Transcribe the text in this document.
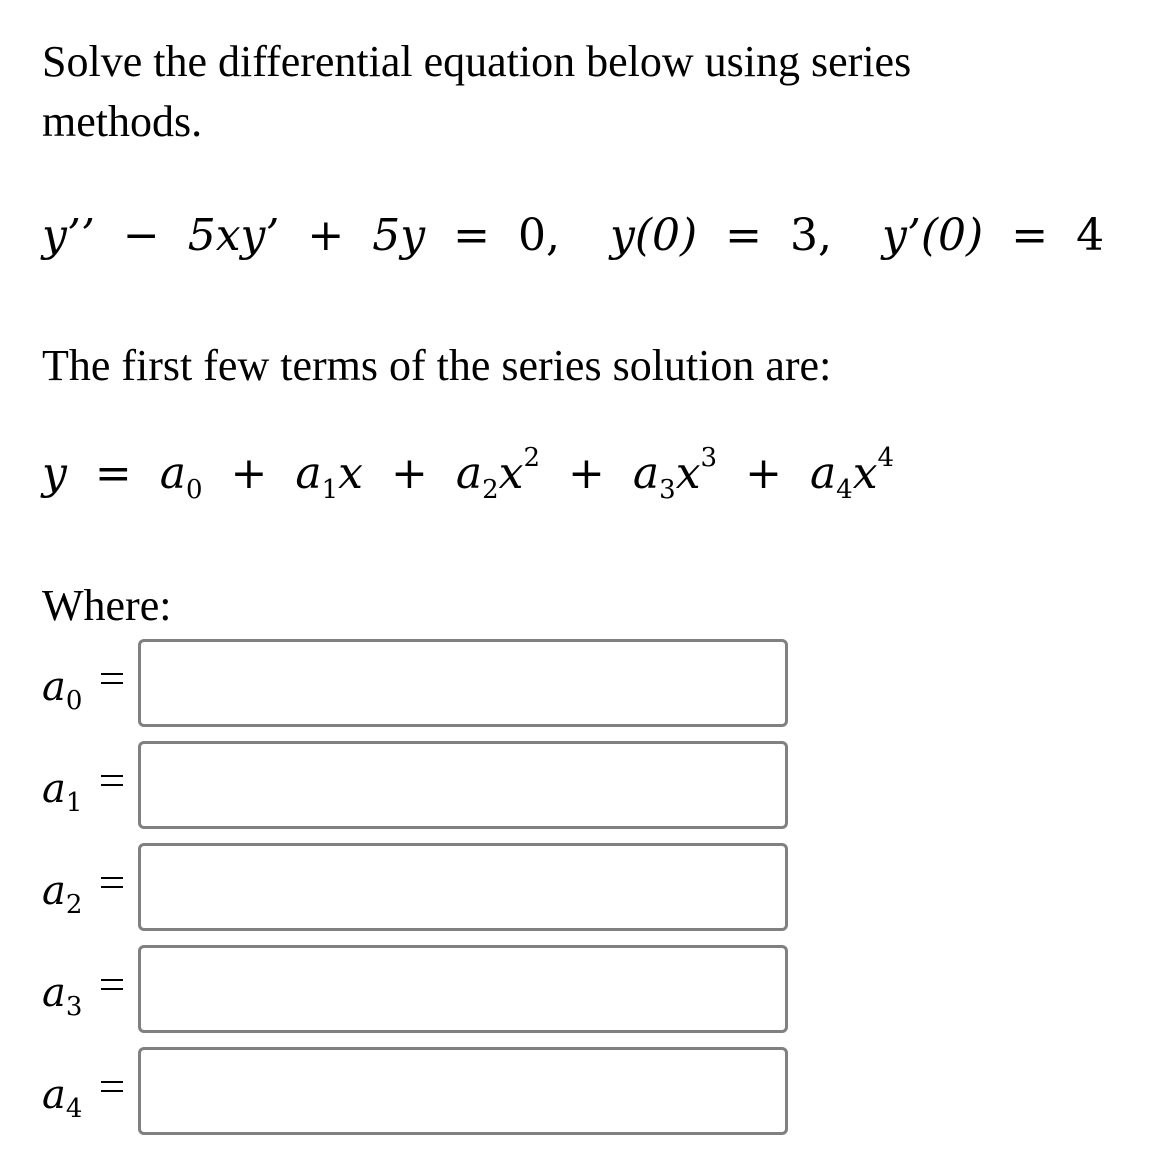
Solve the differential equation below using series
methods.
y’’ − 5xy’ + 5y = 0, y(0) = 3, y’(0) = 4
The first few terms of the series solution are:
$y = a_0 + a_1x + a_2x^2 + a_3x^3 + a_4x^4$
Where:
$a_0$
$a_1$
$a_2$
$a_3$
$a_4$
